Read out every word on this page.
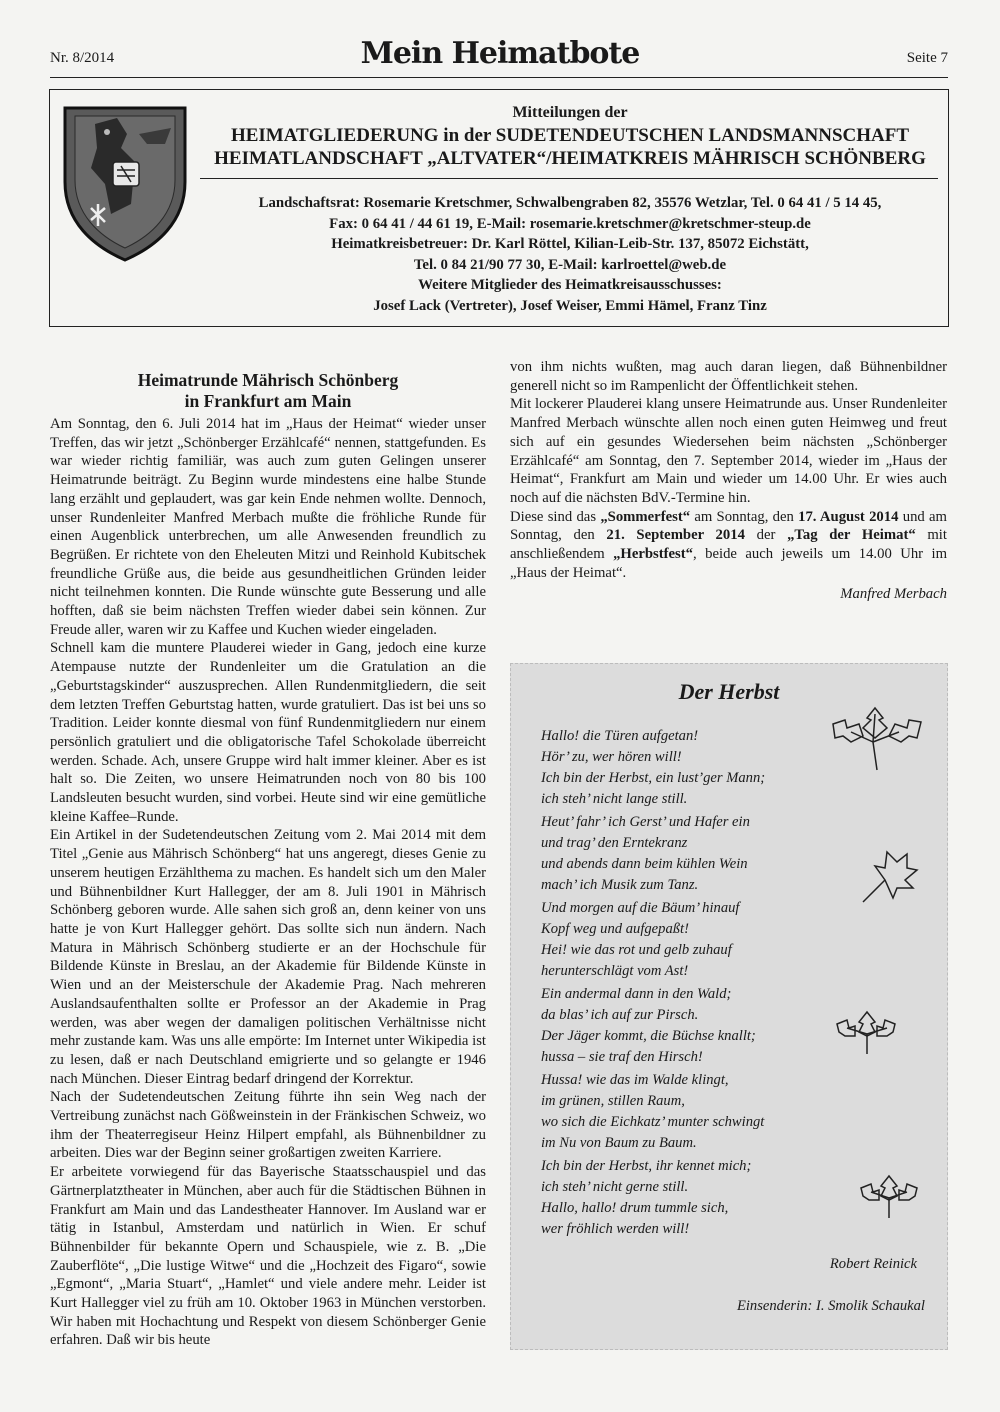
Nr. 8/2014	Mein Heimatbote	Seite 7
Mitteilungen der
HEIMATGLIEDERUNG in der SUDETENDEUTSCHEN LANDSMANNSCHAFT
HEIMATLANDSCHAFT „ALTVATER“/HEIMATKREIS MÄHRISCH SCHÖNBERG
Landschaftsrat: Rosemarie Kretschmer, Schwalbengraben 82, 35576 Wetzlar, Tel. 0 64 41 / 5 14 45,
Fax: 0 64 41 / 44 61 19, E-Mail: rosemarie.kretschmer@kretschmer-steup.de
Heimatkreisbetreuer: Dr. Karl Röttel, Kilian-Leib-Str. 137, 85072 Eichstätt,
Tel. 0 84 21/90 77 30, E-Mail: karlroettel@web.de
Weitere Mitglieder des Heimatkreisausschusses:
Josef Lack (Vertreter), Josef Weiser, Emmi Hämel, Franz Tinz
Heimatrunde Mährisch Schönberg
in Frankfurt am Main

Am Sonntag, den 6. Juli 2014 hat im „Haus der Heimat“ wieder unser Treffen, das wir jetzt „Schönberger Erzählcafé“ nennen, stattgefunden. Es war wieder richtig familiär, was auch zum guten Gelingen unserer Heimatrunde beiträgt. Zu Beginn wurde mindestens eine halbe Stunde lang erzählt und geplaudert, was gar kein Ende nehmen wollte. Dennoch, unser Rundenleiter Manfred Merbach mußte die fröhliche Runde für einen Augenblick unterbrechen, um alle Anwesenden freundlich zu Begrüßen. Er richtete von den Eheleuten Mitzi und Reinhold Kubitschek freundliche Grüße aus, die beide aus gesundheitlichen Gründen leider nicht teilnehmen konnten. Die Runde wünschte gute Besserung und alle hofften, daß sie beim nächsten Treffen wieder dabei sein können. Zur Freude aller, waren wir zu Kaffee und Kuchen wieder eingeladen.

Schnell kam die muntere Plauderei wieder in Gang, jedoch eine kurze Atempause nutzte der Rundenleiter um die Gratulation an die „Geburtstagskinder“ auszusprechen. Allen Rundenmitgliedern, die seit dem letzten Treffen Geburtstag hatten, wurde gratuliert. Das ist bei uns so Tradition. Leider konnte diesmal von fünf Rundenmitgliedern nur einem persönlich gratuliert und die obligatorische Tafel Schokolade überreicht werden. Schade. Ach, unsere Gruppe wird halt immer kleiner. Aber es ist halt so. Die Zeiten, wo unsere Heimatrunden noch von 80 bis 100 Landsleuten besucht wurden, sind vorbei. Heute sind wir eine gemütliche kleine Kaffee–Runde.

Ein Artikel in der Sudetendeutschen Zeitung vom 2. Mai 2014 mit dem Titel „Genie aus Mährisch Schönberg“ hat uns angeregt, dieses Genie zu unserem heutigen Erzählthema zu machen. Es handelt sich um den Maler und Bühnenbildner Kurt Hallegger, der am 8. Juli 1901 in Mährisch Schönberg geboren wurde. Alle sahen sich groß an, denn keiner von uns hatte je von Kurt Hallegger gehört. Das sollte sich nun ändern. Nach Matura in Mährisch Schönberg studierte er an der Hochschule für Bildende Künste in Breslau, an der Akademie für Bildende Künste in Wien und an der Meisterschule der Akademie Prag. Nach mehreren Auslandsaufenthalten sollte er Professor an der Akademie in Prag werden, was aber wegen der damaligen politischen Verhältnisse nicht mehr zustande kam. Was uns alle empörte: Im Internet unter Wikipedia ist zu lesen, daß er nach Deutschland emigrierte und so gelangte er 1946 nach München. Dieser Eintrag bedarf dringend der Korrektur.

Nach der Sudetendeutschen Zeitung führte ihn sein Weg nach der Vertreibung zunächst nach Gößweinstein in der Fränkischen Schweiz, wo ihm der Theaterregiseur Heinz Hilpert empfahl, als Bühnenbildner zu arbeiten. Dies war der Beginn seiner großartigen zweiten Karriere.

Er arbeitete vorwiegend für das Bayerische Staatsschauspiel und das Gärtnerplatztheater in München, aber auch für die Städtischen Bühnen in Frankfurt am Main und das Landestheater Hannover. Im Ausland war er tätig in Istanbul, Amsterdam und natürlich in Wien. Er schuf Bühnenbilder für bekannte Opern und Schauspiele, wie z. B. „Die Zauberflöte“, „Die lustige Witwe“ und die „Hochzeit des Figaro“, sowie „Egmont“, „Maria Stuart“, „Hamlet“ und viele andere mehr. Leider ist Kurt Hallegger viel zu früh am 10. Oktober 1963 in München verstorben. Wir haben mit Hochachtung und Respekt von diesem Schönberger Genie erfahren. Daß wir bis heute

von ihm nichts wußten, mag auch daran liegen, daß Bühnenbildner generell nicht so im Rampenlicht der Öffentlichkeit stehen.

Mit lockerer Plauderei klang unsere Heimatrunde aus. Unser Rundenleiter Manfred Merbach wünschte allen noch einen guten Heimweg und freut sich auf ein gesundes Wiedersehen beim nächsten „Schönberger Erzählcafé“ am Sonntag, den 7. September 2014, wieder im „Haus der Heimat“, Frankfurt am Main und wieder um 14.00 Uhr. Er wies auch noch auf die nächsten BdV.-Termine hin.

Diese sind das „Sommerfest“ am Sonntag, den 17. August 2014 und am Sonntag, den 21. September 2014 der „Tag der Heimat“ mit anschließendem „Herbstfest“, beide auch jeweils um 14.00 Uhr im „Haus der Heimat“.

Manfred Merbach
Der Herbst
Hallo! die Türen aufgetan!
Hör’ zu, wer hören will!
Ich bin der Herbst, ein lust’ger Mann;
ich steh’ nicht lange still.
Heut’ fahr’ ich Gerst’ und Hafer ein
und trag’ den Erntekranz
und abends dann beim kühlen Wein
mach’ ich Musik zum Tanz.
Und morgen auf die Bäum’ hinauf
Kopf weg und aufgepaßt!
Hei! wie das rot und gelb zuhauf
herunterschlägt vom Ast!
Ein andermal dann in den Wald;
da blas’ ich auf zur Pirsch.
Der Jäger kommt, die Büchse knallt;
hussa – sie traf den Hirsch!
Hussa! wie das im Walde klingt,
im grünen, stillen Raum,
wo sich die Eichkatz’ munter schwingt
im Nu von Baum zu Baum.
Ich bin der Herbst, ihr kennet mich;
ich steh’ nicht gerne still.
Hallo, hallo! drum tummle sich,
wer fröhlich werden will!
Robert Reinick
Einsenderin: I. Smolik Schaukal
